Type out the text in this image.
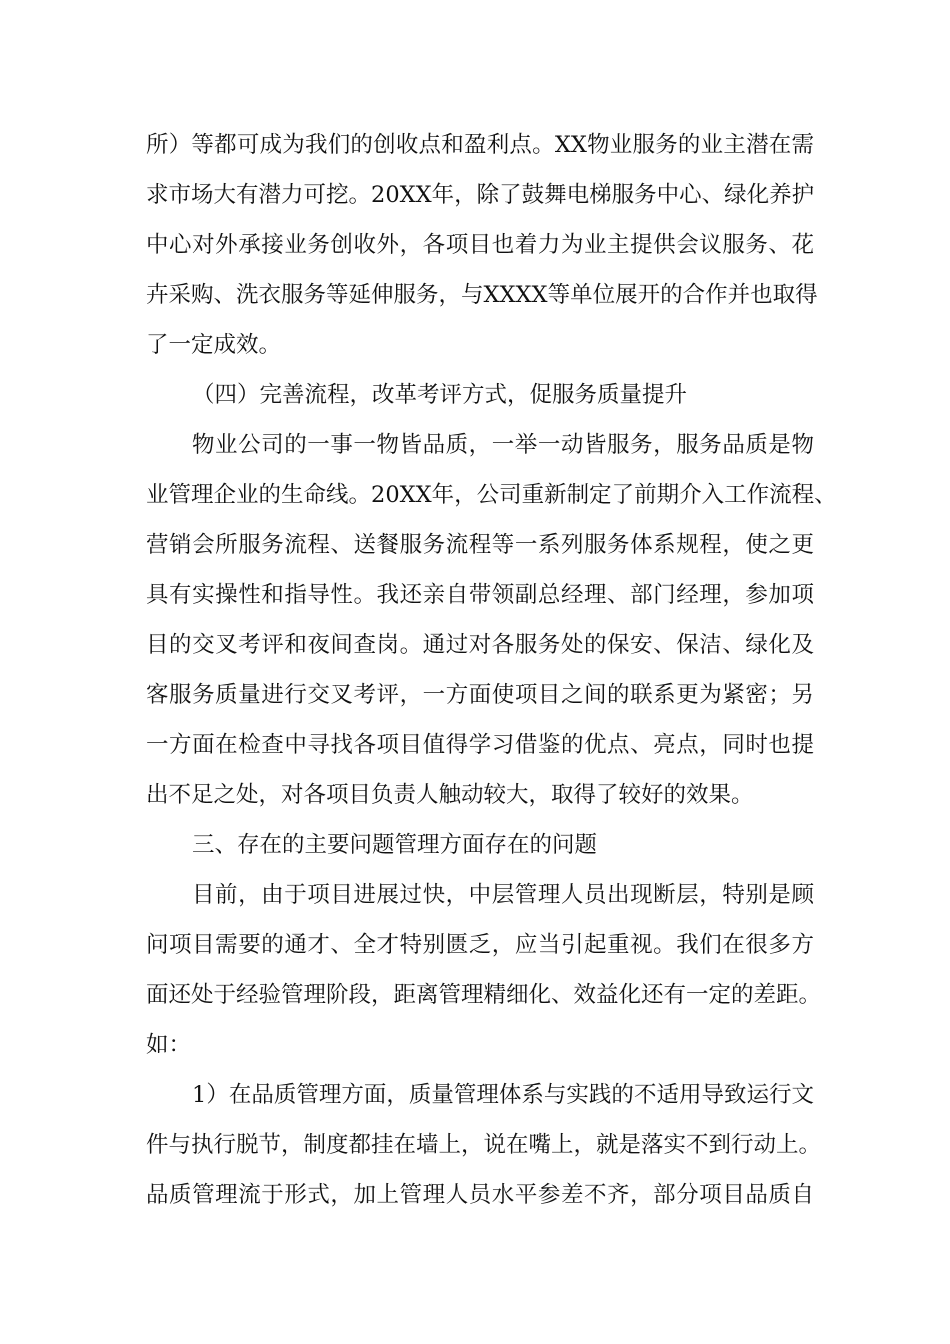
所）等都可成为我们的创收点和盈利点。XX物业服务的业主潜在需
求市场大有潜力可挖。20XX年，除了鼓舞电梯服务中心、绿化养护
中心对外承接业务创收外，各项目也着力为业主提供会议服务、花
卉采购、洗衣服务等延伸服务，与XXXX等单位展开的合作并也取得
了一定成效。
（四）完善流程，改革考评方式，促服务质量提升
物业公司的一事一物皆品质，一举一动皆服务，服务品质是物
业管理企业的生命线。20XX年，公司重新制定了前期介入工作流程、
营销会所服务流程、送餐服务流程等一系列服务体系规程，使之更
具有实操性和指导性。我还亲自带领副总经理、部门经理，参加项
目的交叉考评和夜间查岗。通过对各服务处的保安、保洁、绿化及
客服务质量进行交叉考评，一方面使项目之间的联系更为紧密；另
一方面在检查中寻找各项目值得学习借鉴的优点、亮点，同时也提
出不足之处，对各项目负责人触动较大，取得了较好的效果。
三、存在的主要问题管理方面存在的问题
目前，由于项目进展过快，中层管理人员出现断层，特别是顾
问项目需要的通才、全才特别匮乏，应当引起重视。我们在很多方
面还处于经验管理阶段，距离管理精细化、效益化还有一定的差距。
如：
1）在品质管理方面，质量管理体系与实践的不适用导致运行文
件与执行脱节，制度都挂在墙上，说在嘴上，就是落实不到行动上。
品质管理流于形式，加上管理人员水平参差不齐，部分项目品质自
